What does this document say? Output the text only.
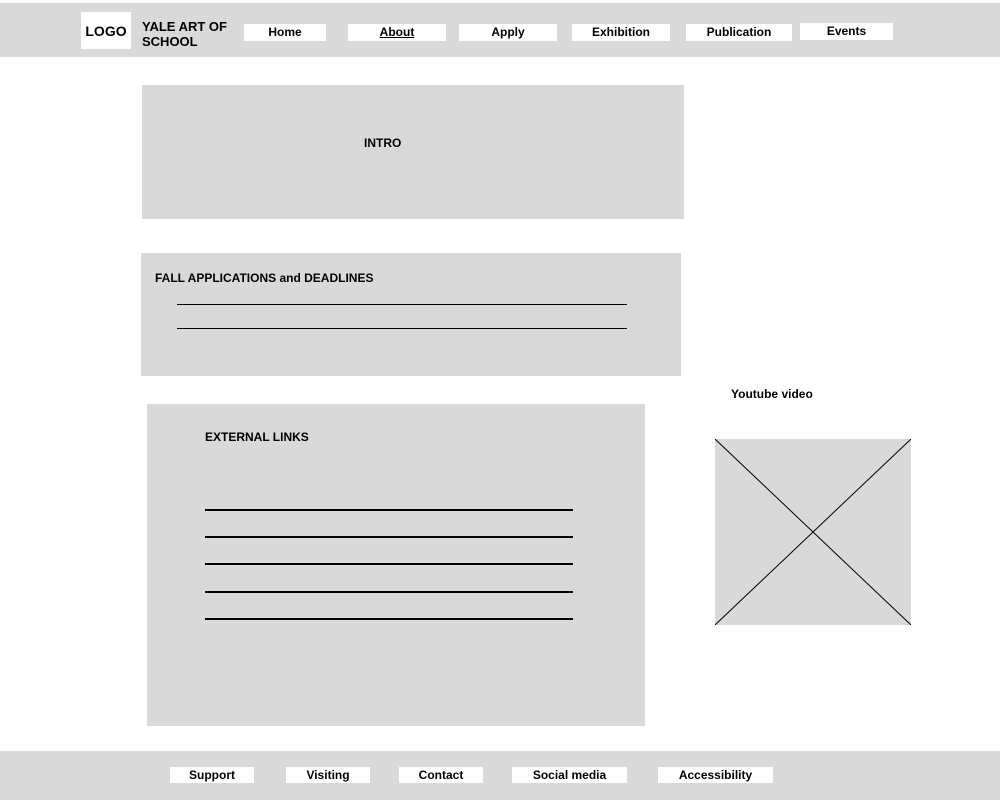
LOGO	YALE ART OF SCHOOL
Home	About	Apply	Exhibition	Publication	Events
INTRO
FALL APPLICATIONS and DEADLINES
EXTERNAL LINKS
Youtube video
Support	Visiting	Contact	Social media	Accessibility
